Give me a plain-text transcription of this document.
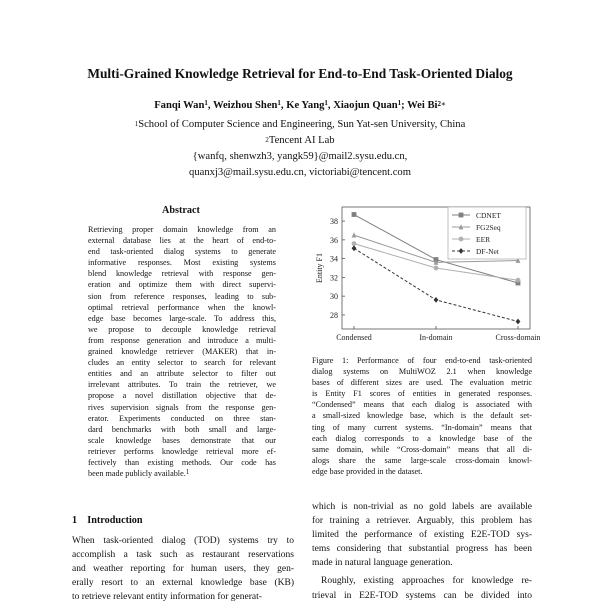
Multi-Grained Knowledge Retrieval for End-to-End Task-Oriented Dialog
Fanqi Wan$^1$, Weizhou Shen$^1$, Ke Yang$^1$, Xiaojun Quan$^1$; Wei $Bi^{2∗}$
$^1$School of Computer Science and Engineering, Sun Yat-sen University, China
$^2$Tencent AI Lab
{wanfq, shenwzh3, yangk59}@mail2.sysu.edu.cn,
quanxj3@mail.sysu.edu.cn, victoriabi@tencent.com
Abstract
Retrieving proper domain knowledge from an
external database lies at the heart of end-to-
end task-oriented dialog systems to generate
informative responses. Most existing systems
blend knowledge retrieval with response gen-
eration and optimize them with direct supervi-
sion from reference responses, leading to sub-
optimal retrieval performance when the knowl-
edge base becomes large-scale. To address this,
we propose to decouple knowledge retrieval
from response generation and introduce a multi-
grained knowledge retriever (MAKER) that in-
cludes an entity selector to search for relevant
entities and an attribute selector to filter out
irrelevant attributes. To train the retriever, we
propose a novel distillation objective that de-
rives supervision signals from the response gen-
erator. Experiments conducted on three stan-
dard benchmarks with both small and large-
scale knowledge bases demonstrate that our
retriever performs knowledge retrieval more ef-
fectively than existing methods. Our code has
been made publicly available.$^1$
1 Introduction
When task-oriented dialog (TOD) systems try to
accomplish a task such as restaurant reservations
and weather reporting for human users, they gen-
erally resort to an external knowledge base (KB)
to retrieve relevant entity information for generat-
which is non-trivial as no gold labels are available
for training a retriever. Arguably, this problem has
limited the performance of existing E2E-TOD sys-
tems considering that substantial progress has been
made in natural language generation.
Roughly, existing approaches for knowledge re-
trieval in E2E-TOD systems can be divided into
28
30
32
34
36
38
Condensed	In-domain	Cross-domain
Entity F1
CDNET
FG2Seq
EER
DF-Net
Figure 1: Performance of four end-to-end task-oriented
dialog systems on MultiWOZ 2.1 when knowledge
bases of different sizes are used. The evaluation metric
is Entity F1 scores of entities in generated responses.
“Condensed” means that each dialog is associated with
a small-sized knowledge base, which is the default set-
ting of many current systems. “In-domain” means that
each dialog corresponds to a knowledge base of the
same domain, while “Cross-domain” means that all di-
alogs share the same large-scale cross-domain knowl-
edge base provided in the dataset.
